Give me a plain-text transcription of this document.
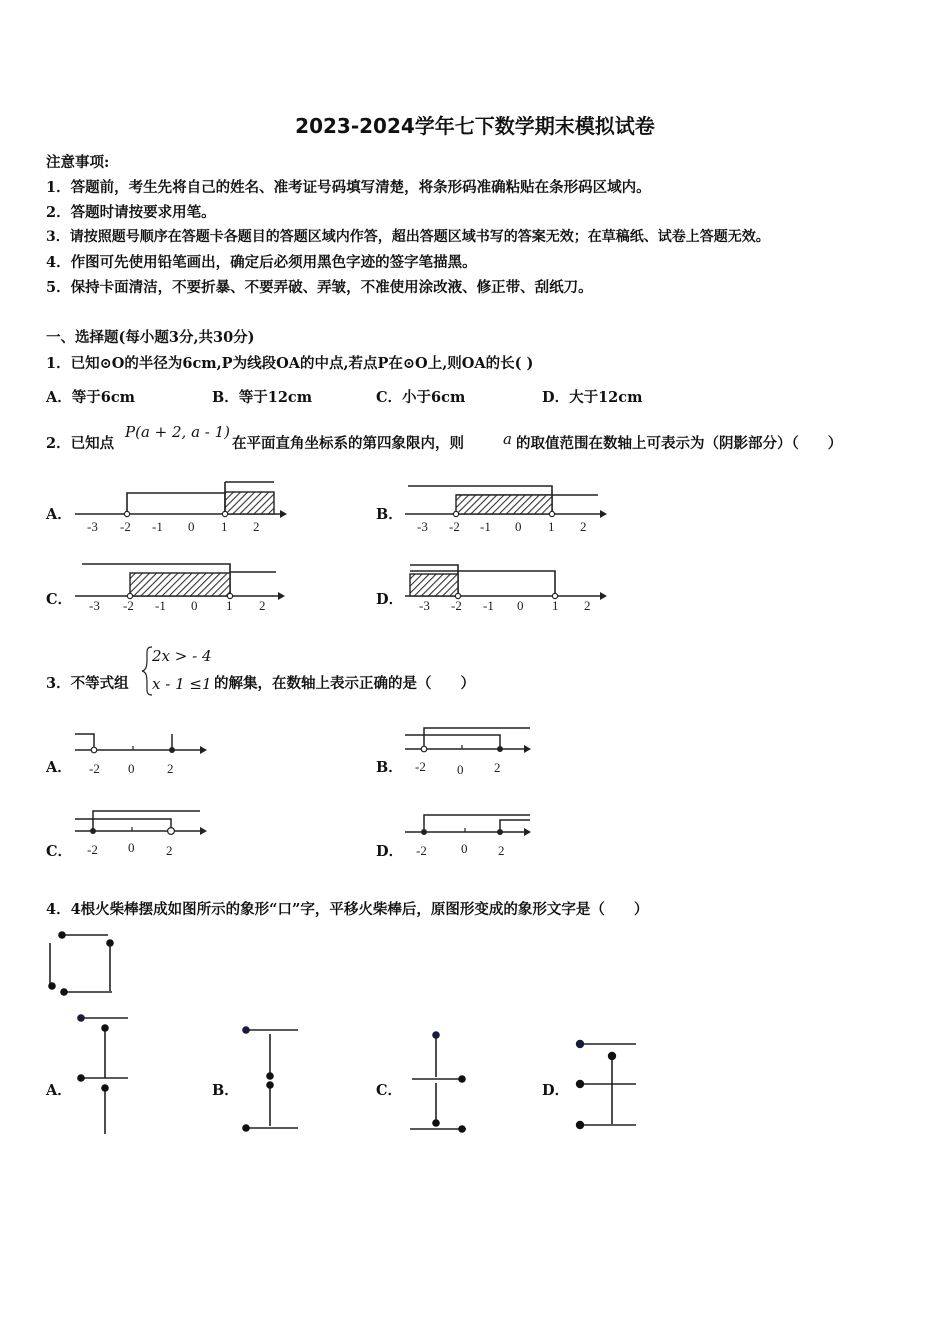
2023-2024学年七下数学期末模拟试卷
注意事项:
1．答题前，考生先将自己的姓名、准考证号码填写清楚，将条形码准确粘贴在条形码区域内。
2．答题时请按要求用笔。
3．请按照题号顺序在答题卡各题目的答题区域内作答，超出答题区域书写的答案无效；在草稿纸、试卷上答题无效。
4．作图可先使用铅笔画出，确定后必须用黑色字迹的签字笔描黑。
5．保持卡面清洁，不要折暴、不要弄破、弄皱，不准使用涂改液、修正带、刮纸刀。
一、选择题(每小题3分,共30分)
1．已知⊙O的半径为6cm,P为线段OA的中点,若点P在⊙O上,则OA的长( )
A．等于6cm	B．等于12cm	C．小于6cm	D．大于12cm
2．已知点
P(a + 2, a - 1)
在平面直角坐标系的第四象限内，则	a 的取值范围在数轴上可表示为（阴影部分）（　　）
A．
-3 -2 -1 0 1 2
B．
-3 -2 -1 0 1 2
C． -3 -2 -1 0 1 2	D． -3 -2 -1 0 1 2
3．不等式组
2x > - 4
x - 1 ≤1 的解集，在数轴上表示正确的是（　　）
A． -2 0	2	B． -2 0 2
C． -2 0 2	D． -2	0 2
4．4根火柴棒摆成如图所示的象形“口”字，平移火柴棒后，原图形变成的象形文字是（　　）
A．	B．	C．	D．
